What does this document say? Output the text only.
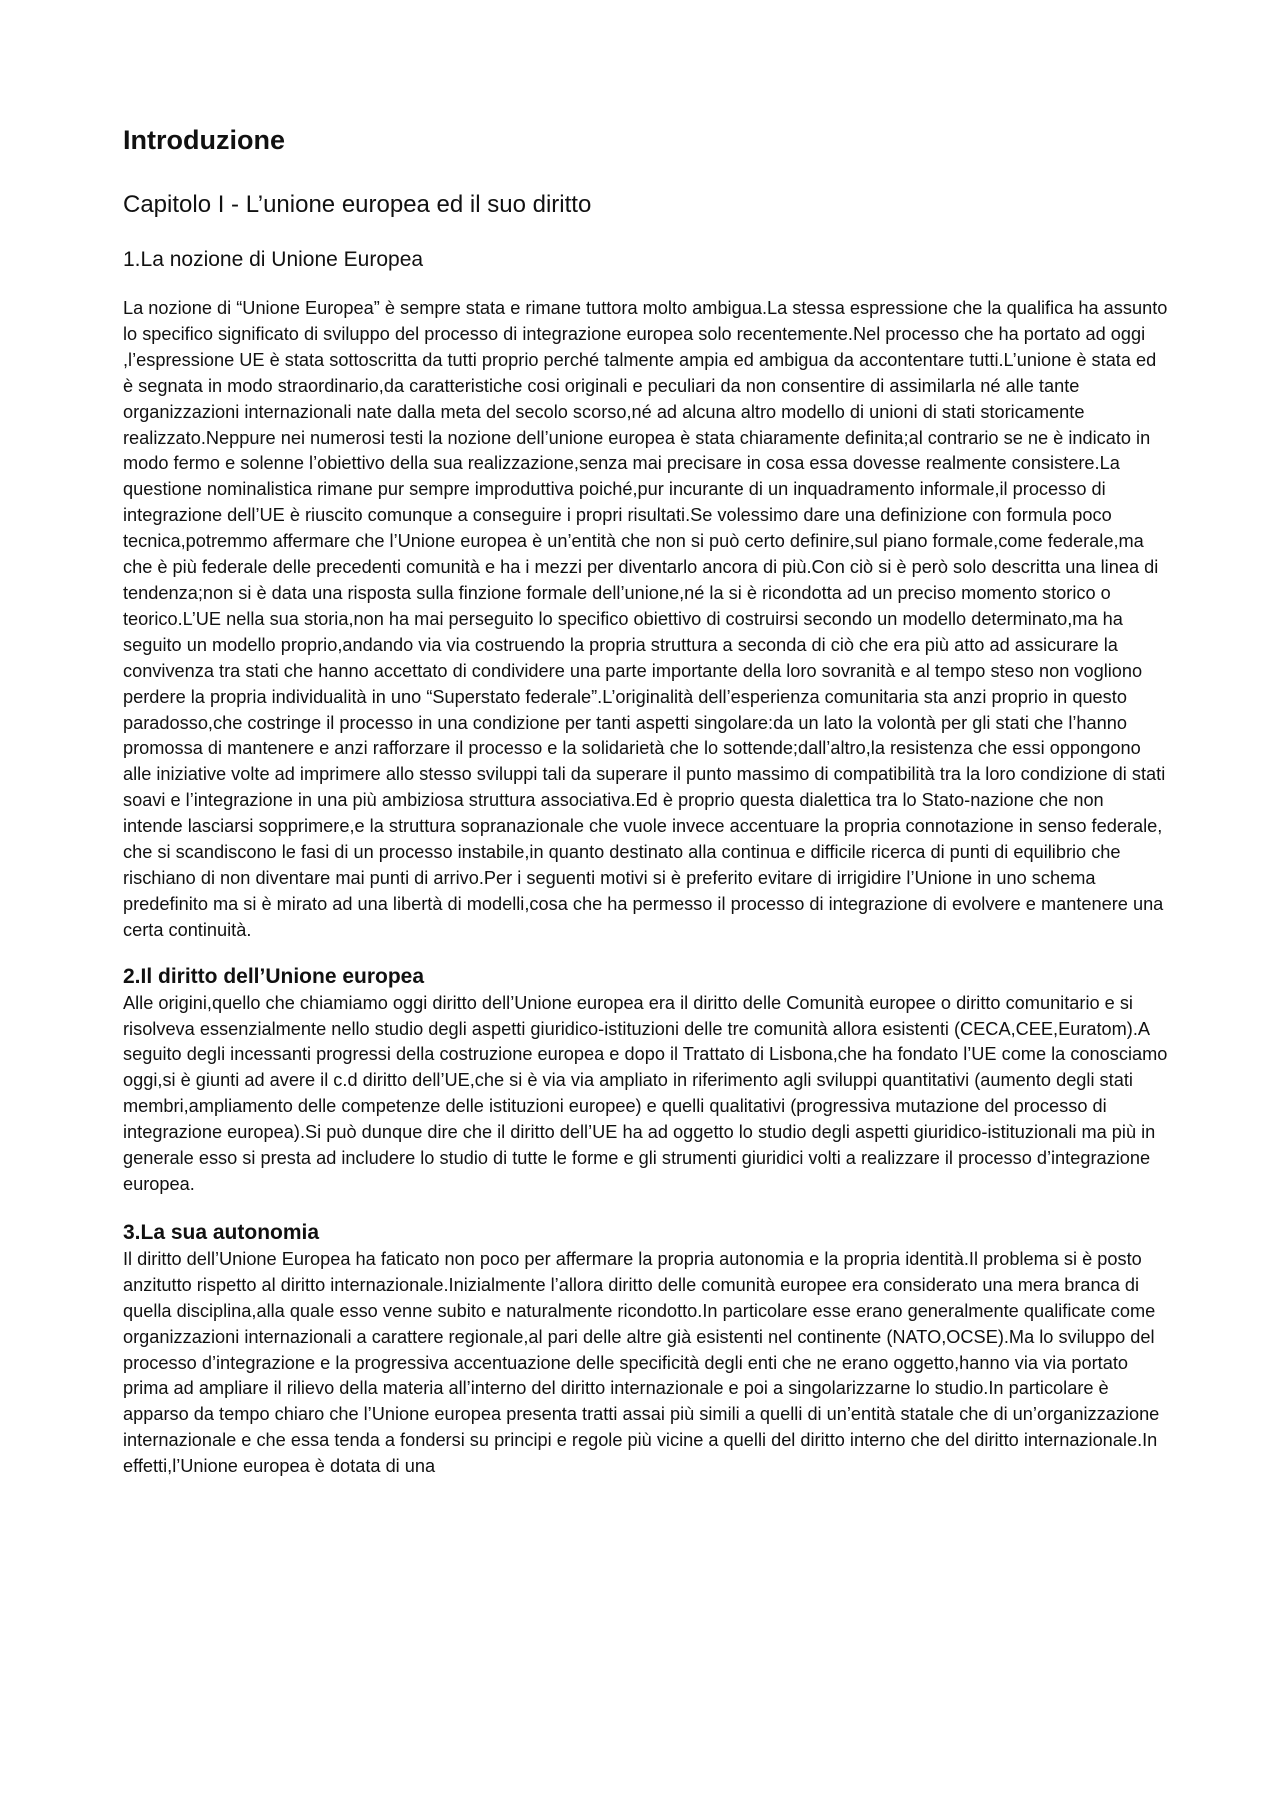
Introduzione
Capitolo I - L’unione europea ed il suo diritto
1.La nozione di Unione Europea

La nozione di “Unione Europea” è sempre stata e rimane tuttora molto ambigua.La stessa espressione che la qualifica ha assunto lo specifico significato di sviluppo del processo di integrazione europea solo recentemente.Nel processo che ha portato ad oggi ,l’espressione UE è stata sottoscritta da tutti proprio perché talmente ampia ed ambigua da accontentare tutti.L’unione è stata ed è segnata in modo straordinario,da caratteristiche cosi originali e peculiari da non consentire di assimilarla né alle tante organizzazioni internazionali nate dalla meta del secolo scorso,né ad alcuna altro modello di unioni di stati storicamente realizzato.Neppure nei numerosi testi la nozione dell’unione europea è stata chiaramente definita;al contrario se ne è indicato in modo fermo e solenne l’obiettivo della sua realizzazione,senza mai precisare in cosa essa dovesse realmente consistere.La questione nominalistica rimane pur sempre improduttiva poiché,pur incurante di un inquadramento informale,il processo di integrazione dell’UE è riuscito comunque a conseguire i propri risultati.Se volessimo dare una definizione con formula poco tecnica,potremmo affermare che l’Unione europea è un’entità che non si può certo definire,sul piano formale,come federale,ma che è più federale delle precedenti comunità e ha i mezzi per diventarlo ancora di più.Con ciò si è però solo descritta una linea di tendenza;non si è data una risposta sulla finzione formale dell’unione,né la si è ricondotta ad un preciso momento storico o teorico.L’UE nella sua storia,non ha mai perseguito lo specifico obiettivo di costruirsi secondo un modello determinato,ma ha seguito un modello proprio,andando via via costruendo la propria struttura a seconda di ciò che era più atto ad assicurare la convivenza tra stati che hanno accettato di condividere una parte importante della loro sovranità e al tempo steso non vogliono perdere la propria individualità in uno “Superstato federale”.L’originalità dell’esperienza comunitaria sta anzi proprio in questo paradosso,che costringe il processo in una condizione per tanti aspetti singolare:da un lato la volontà per gli stati che l’hanno promossa di mantenere e anzi rafforzare il processo e la solidarietà che lo sottende;dall’altro,la resistenza che essi oppongono alle iniziative volte ad imprimere allo stesso sviluppi tali da superare il punto massimo di compatibilità tra la loro condizione di stati soavi e l’integrazione in una più ambiziosa struttura associativa.Ed è proprio questa dialettica tra lo Stato-nazione che non intende lasciarsi sopprimere,e la struttura sopranazionale che vuole invece accentuare la propria connotazione in senso federale, che si scandiscono le fasi di un processo instabile,in quanto destinato alla continua e difficile ricerca di punti di equilibrio che rischiano di non diventare mai punti di arrivo.Per i seguenti motivi si è preferito evitare di irrigidire l’Unione in uno schema predefinito ma si è mirato ad una libertà di modelli,cosa che ha permesso il processo di integrazione di evolvere e mantenere una certa continuità.

2.Il diritto dell’Unione europea

Alle origini,quello che chiamiamo oggi diritto dell’Unione europea era il diritto delle Comunità europee o diritto comunitario e si risolveva essenzialmente nello studio degli aspetti giuridico-istituzioni delle tre comunità allora esistenti (CECA,CEE,Euratom).A seguito degli incessanti progressi della costruzione europea e dopo il Trattato di Lisbona,che ha fondato l’UE come la conosciamo oggi,si è giunti ad avere il c.d diritto dell’UE,che si è via via ampliato in riferimento agli sviluppi quantitativi (aumento degli stati membri,ampliamento delle competenze delle istituzioni europee) e quelli qualitativi (progressiva mutazione del processo di integrazione europea).Si può dunque dire che il diritto dell’UE ha ad oggetto lo studio degli aspetti giuridico-istituzionali ma più in generale esso si presta ad includere lo studio di tutte le forme e gli strumenti giuridici volti a realizzare il processo d’integrazione europea.

3.La sua autonomia

Il diritto dell’Unione Europea ha faticato non poco per affermare la propria autonomia e la propria identità.Il problema si è posto anzitutto rispetto al diritto internazionale.Inizialmente l’allora diritto delle comunità europee era considerato una mera branca di quella disciplina,alla quale esso venne subito e naturalmente ricondotto.In particolare esse erano generalmente qualificate come organizzazioni internazionali a carattere regionale,al pari delle altre già esistenti nel continente (NATO,OCSE).Ma lo sviluppo del processo d’integrazione e la progressiva accentuazione delle specificità degli enti che ne erano oggetto,hanno via via portato prima ad ampliare il rilievo della materia all’interno del diritto internazionale e poi a singolarizzarne lo studio.In particolare è apparso da tempo chiaro che l’Unione europea presenta tratti assai più simili a quelli di un’entità statale che di un’organizzazione internazionale e che essa tenda a fondersi su principi e regole più vicine a quelli del diritto interno che del diritto internazionale.In effetti,l’Unione europea è dotata di una
